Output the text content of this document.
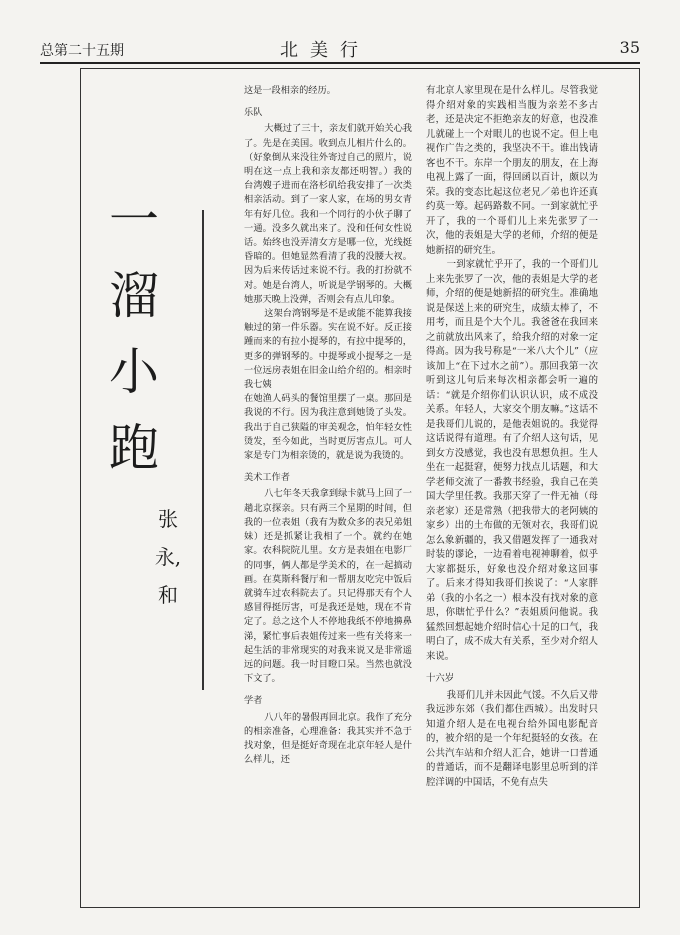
总第二十五期	北美行	35
一
溜
小
跑
张
永,
和

这是一段相亲的经历。

乐队

大概过了三十，亲友们就开始关心我了。先是在美国。收到点儿相片什么的。（好象倒从来没往外寄过自己的照片，说明在这一点上我和亲友都还明智。）我的台湾嫂子进而在洛杉矶给我安排了一次类相亲活动。到了一家人家，在场的男女青年有好几位。我和一个同行的小伙子聊了一通。没多久就出来了。没和任何女性说话。始终也没弄清女方是哪一位，光线挺昏暗的。但她显然看清了我的没腰大衩。因为后来传话过来说不行。我的打扮就不对。她是台湾人，听说是学钢琴的。大概她那天晚上没弹，否则会有点儿印象。

这架台湾钢琴是不是或能不能算我接触过的第一件乐器。实在说不好。反正接踵而来的有拉小提琴的，有拉中提琴的，更多的弹钢琴的。中提琴或小提琴之一是一位远房表姐在旧金山给介绍的。相亲时我七姨

在她渔人码头的餐馆里摆了一桌。那回是我说的不行。因为我注意到她烫了头发。我出于自己狭隘的审美观念，怕年轻女性烫发，至今如此，当时更厉害点儿。可人家是专门为相亲烫的，就是说为我烫的。

美术工作者

八七年冬天我拿到绿卡就马上回了一趟北京探亲。只有两三个星期的时间，但我的一位表姐（我有为数众多的表兄弟姐妹）还是抓紧让我相了一个。就约在她家。农科院院儿里。女方是表姐在电影厂的同事，俩人都是学美术的，在一起搞动画。在莫斯科餐厅和一帮朋友吃完中饭后就骑车过农科院去了。只记得那天有个人感冒得挺厉害，可是我还是她，现在不肯定了。总之这个人不停地我纸不停地擤鼻涕，紧忙事后表姐传过来一些有关将来一起生活的非常现实的对我来说又是非常遥远的问题。我一时目瞪口呆。当然也就没下文了。

学者

八八年的暑假再回北京。我作了充分的相亲准备，心理准备：我其实并不急于找对象，但是挺好奇现在北京年轻人是什么样儿，还

有北京人家里现在是什么样儿。尽管我觉得介绍对象的实践相当腹为亲差不多古老，还是决定不拒绝亲友的好意，也没准儿就碰上一个对眼儿的也说不定。但上电视作广告之类的，我坚决不干。谁出钱请客也不干。东岸一个朋友的朋友，在上海电视上露了一面，得回函以百计，颇以为荣。我的变态比起这位老兄／弟也许还真约莫一筹。起码路数不同。一到家就忙乎开了，我的一个哥们儿上来先张罗了一次，他的表姐是大学的老师，介绍的便是她新招的研究生。

一到家就忙乎开了，我的一个哥们儿上来先张罗了一次，他的表姐是大学的老师，介绍的便是她新招的研究生。准确地说是保送上来的研究生，成绩太棒了，不用考，而且是个大个儿。我爸爸在我回来之前就放出风来了，给我介绍的对象一定得高。因为我号称是“一米八大个儿”（应该加上“在下过水之前”）。那回我第一次听到这儿句后来每次相亲都会听一遍的话：“就是介绍你们认识认识，成不成没关系。年轻人，大家交个朋友嘛。”这话不是我哥们儿说的，是他表姐说的。我觉得这话说得有道理。有了介绍人这句话，见到女方没感觉，我也没有思想负担。生人坐在一起挺窘，便努力找点儿话题，和大学老师交流了一番教书经验，我自己在美国大学里任教。我那天穿了一件无袖（母亲老家）还是常熟（把我带大的老阿姨的家乡）出的土布做的无领对衣，我哥们说怎么象新疆的，我又借题发挥了一通我对时装的谬论，一边看着电视神聊着，似乎大家都挺乐，好象也没介绍对象这回事了。后来才得知我哥们挨说了：“人家胖弟（我的小名之一）根本没有找对象的意思，你瞎忙乎什么？”表姐质问他说。我猛然回想起她介绍时信心十足的口气，我明白了，成不成大有关系，至少对介绍人来说。

十六岁

我哥们儿并未因此气馁。不久后又带我远涉东郊（我们都住西城）。出发时只知道介绍人是在电视台给外国电影配音的，被介绍的是一个年纪挺轻的女孩。在公共汽车站和介绍人汇合，她讲一口普通的普通话，而不是翻译电影里总听到的洋腔洋调的中国话，不免有点失
